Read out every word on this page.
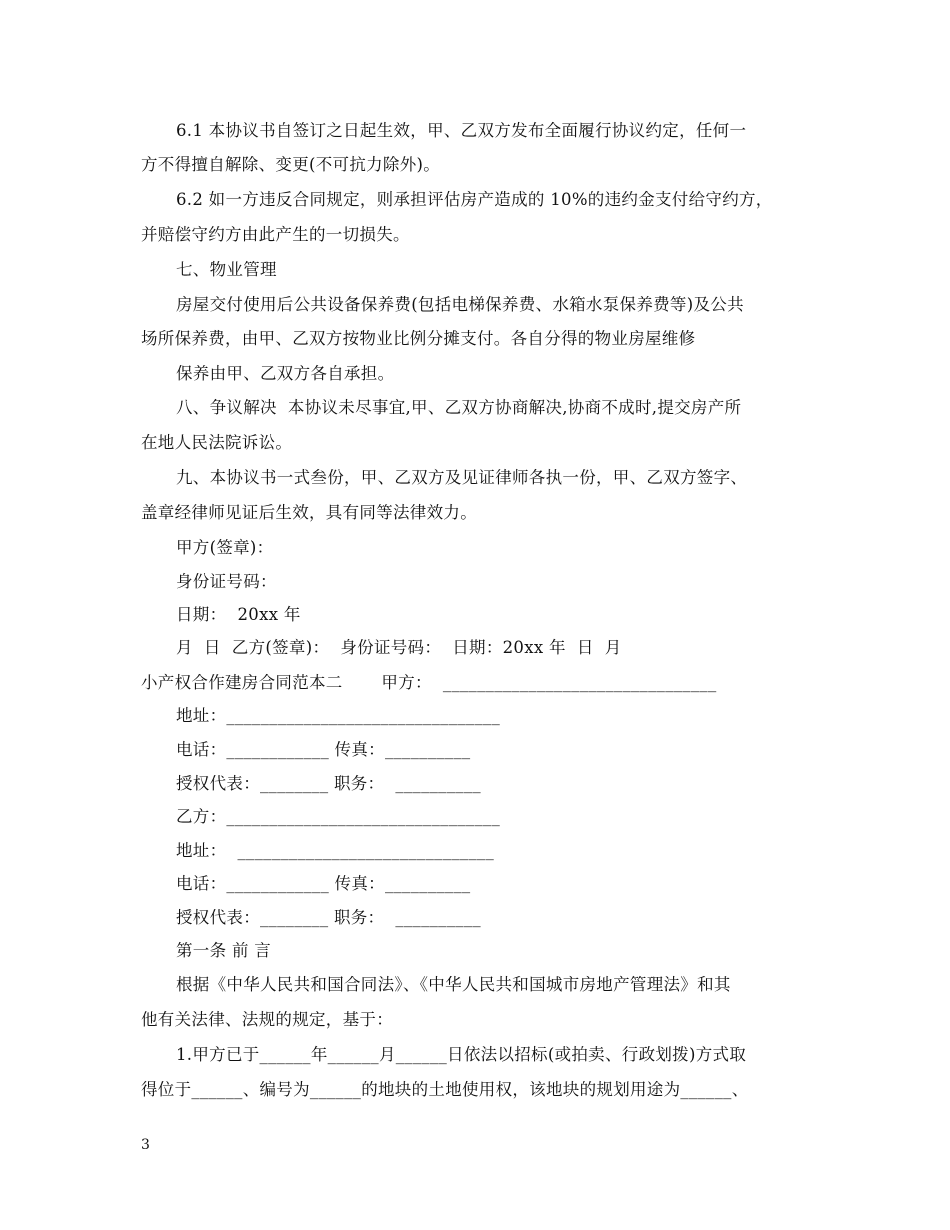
6.1 本协议书自签订之日起生效，甲、乙双方发布全面履行协议约定，任何一
方不得擅自解除、变更(不可抗力除外)。
6.2 如一方违反合同规定，则承担评估房产造成的 10%的违约金支付给守约方，
并赔偿守约方由此产生的一切损失。
七、物业管理
房屋交付使用后公共设备保养费(包括电梯保养费、水箱水泵保养费等)及公共
场所保养费，由甲、乙双方按物业比例分摊支付。各自分得的物业房屋维修
保养由甲、乙双方各自承担。
八、争议解决  本协议未尽事宜,甲、乙双方协商解决,协商不成时,提交房产所
在地人民法院诉讼。
九、本协议书一式叁份，甲、乙双方及见证律师各执一份，甲、乙双方签字、
盖章经律师见证后生效，具有同等法律效力。
甲方(签章)：
身份证号码：
日期：  20xx 年
月  日  乙方(签章)：  身份证号码：  日期：20xx 年  日  月
小产权合作建房合同范本二       甲方：  ________________________________
地址：________________________________
电话：____________ 传真：__________
授权代表：________ 职务：  __________
乙方：________________________________
地址：  ______________________________
电话：____________ 传真：__________
授权代表：________ 职务：  __________
第一条 前 言
根据《中华人民共和国合同法》、《中华人民共和国城市房地产管理法》和其
他有关法律、法规的规定，基于：
1.甲方已于______年______月______日依法以招标(或拍卖、行政划拨)方式取
得位于______、编号为______的地块的土地使用权，该地块的规划用途为______、
3
